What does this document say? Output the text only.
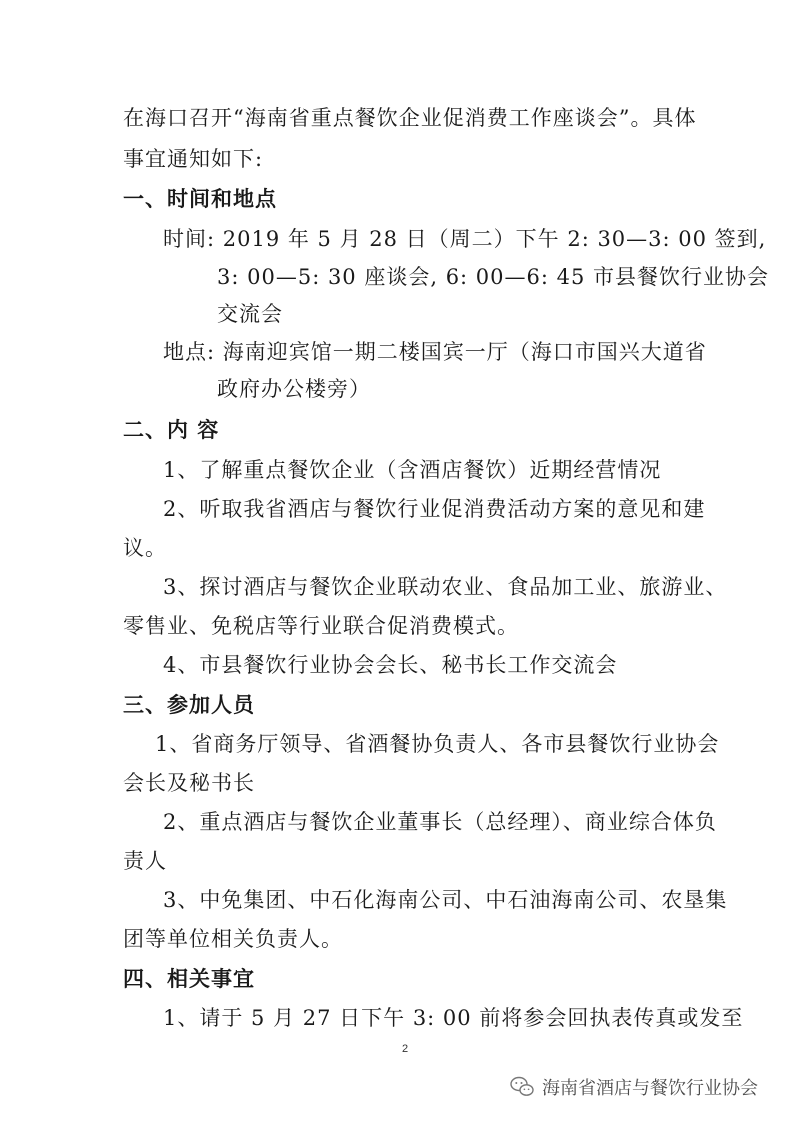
在海口召开“海南省重点餐饮企业促消费工作座谈会”。具体

事宜通知如下:

一、时间和地点

时间: 2019 年 5 月 28 日（周二）下午 2: 30—3: 00 签到,

3: 00—5: 30 座谈会, 6: 00—6: 45 市县餐饮行业协会

交流会

地点: 海南迎宾馆一期二楼国宾一厅（海口市国兴大道省

政府办公楼旁）

二、内 容

1、了解重点餐饮企业（含酒店餐饮）近期经营情况

2、听取我省酒店与餐饮行业促消费活动方案的意见和建

议。

3、探讨酒店与餐饮企业联动农业、食品加工业、旅游业、

零售业、免税店等行业联合促消费模式。

4、市县餐饮行业协会会长、秘书长工作交流会

三、参加人员

1、省商务厅领导、省酒餐协负责人、各市县餐饮行业协会

会长及秘书长

2、重点酒店与餐饮企业董事长（总经理）、商业综合体负

责人

3、中免集团、中石化海南公司、中石油海南公司、农垦集

团等单位相关负责人。

四、相关事宜

1、请于 5 月 27 日下午 3: 00 前将参会回执表传真或发至

2
海南省酒店与餐饮行业协会
